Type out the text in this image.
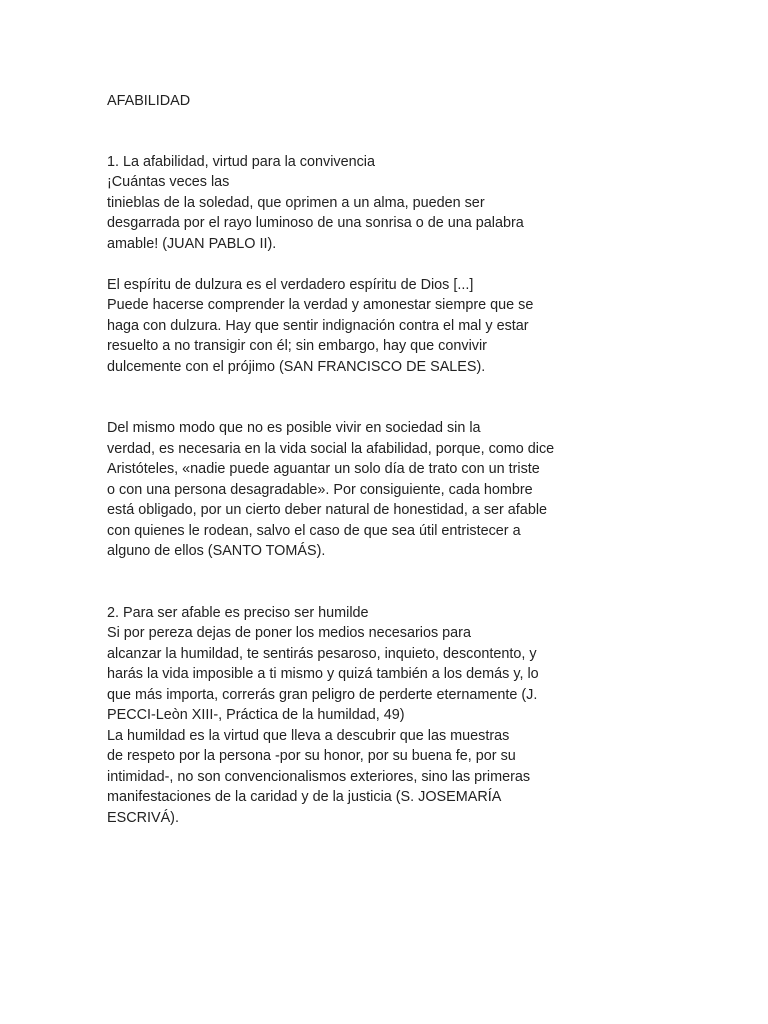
AFABILIDAD
1. La afabilidad, virtud para la convivencia
¡Cuántas veces las
tinieblas de la soledad, que oprimen a un alma, pueden ser
desgarrada por el rayo luminoso de una sonrisa o de una palabra
amable! (JUAN PABLO II).
El espíritu de dulzura es el verdadero espíritu de Dios [...]
Puede hacerse comprender la verdad y amonestar siempre que se
haga con dulzura. Hay que sentir indignación contra el mal y estar
resuelto a no transigir con él; sin embargo, hay que convivir
dulcemente con el prójimo (SAN FRANCISCO DE SALES).
Del mismo modo que no es posible vivir en sociedad sin la
verdad, es necesaria en la vida social la afabilidad, porque, como dice
Aristóteles, «nadie puede aguantar un solo día de trato con un triste
o con una persona desagradable». Por consiguiente, cada hombre
está obligado, por un cierto deber natural de honestidad, a ser afable
con quienes le rodean, salvo el caso de que sea útil entristecer a
alguno de ellos (SANTO TOMÁS).
2. Para ser afable es preciso ser humilde
Si por pereza dejas de poner los medios necesarios para
alcanzar la humildad, te sentirás pesaroso, inquieto, descontento, y
harás la vida imposible a ti mismo y quizá también a los demás y, lo
que más importa, correrás gran peligro de perderte eternamente (J.
PECCI-Leòn XIII-, Práctica de la humildad, 49)
La humildad es la virtud que lleva a descubrir que las muestras
de respeto por la persona -por su honor, por su buena fe, por su
intimidad-, no son convencionalismos exteriores, sino las primeras
manifestaciones de la caridad y de la justicia (S. JOSEMARÍA
ESCRIVÁ).
